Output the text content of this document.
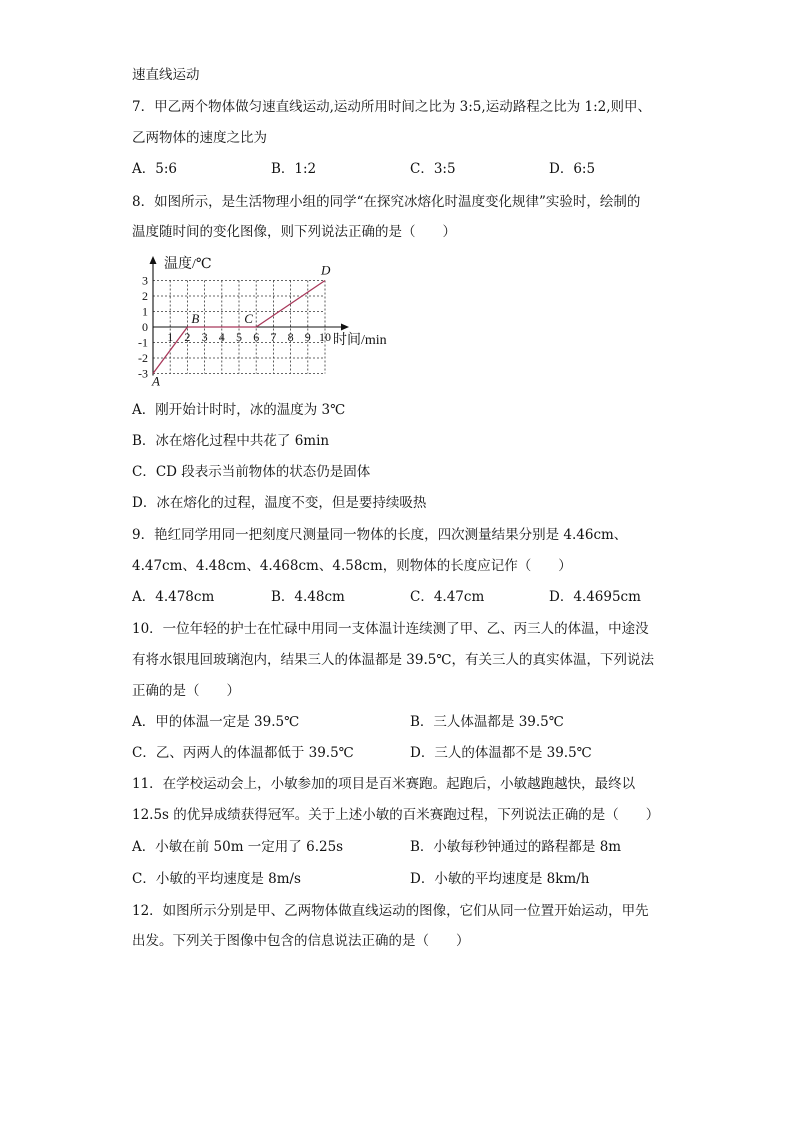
速直线运动
7．甲乙两个物体做匀速直线运动,运动所用时间之比为 3:5,运动路程之比为 1:2,则甲、
乙两物体的速度之比为
A．5:6	B．1:2	C．3:5	D．6:5
8．如图所示，是生活物理小组的同学“在探究冰熔化时温度变化规律”实验时，绘制的
温度随时间的变化图像，则下列说法正确的是（　　）
1 2 3 4 5 6 7 8 9 10
3
2
1
0
-1
-2
-3 A
B	C
D
温度/℃
时间/min
A．刚开始计时时，冰的温度为 3℃
B．冰在熔化过程中共花了 6min
C．CD 段表示当前物体的状态仍是固体
D．冰在熔化的过程，温度不变，但是要持续吸热
9．艳红同学用同一把刻度尺测量同一物体的长度，四次测量结果分别是 4.46cm、
4.47cm、4.48cm、4.468cm、4.58cm，则物体的长度应记作（　　）
A．4.478cm	B．4.48cm	C．4.47cm	D．4.4695cm
10．一位年轻的护士在忙碌中用同一支体温计连续测了甲、乙、丙三人的体温，中途没
有将水银甩回玻璃泡内，结果三人的体温都是 39.5℃，有关三人的真实体温，下列说法
正确的是（　　）
A．甲的体温一定是 39.5℃	B．三人体温都是 39.5℃
C．乙、丙两人的体温都低于 39.5℃	D．三人的体温都不是 39.5℃
11．在学校运动会上，小敏参加的项目是百米赛跑。起跑后，小敏越跑越快，最终以
12.5s 的优异成绩获得冠军。关于上述小敏的百米赛跑过程，下列说法正确的是（　　）
A．小敏在前 50m 一定用了 6.25s	B．小敏每秒钟通过的路程都是 8m
C．小敏的平均速度是 8m/s	D．小敏的平均速度是 8km/h
12．如图所示分别是甲、乙两物体做直线运动的图像，它们从同一位置开始运动，甲先
出发。下列关于图像中包含的信息说法正确的是（　　）
